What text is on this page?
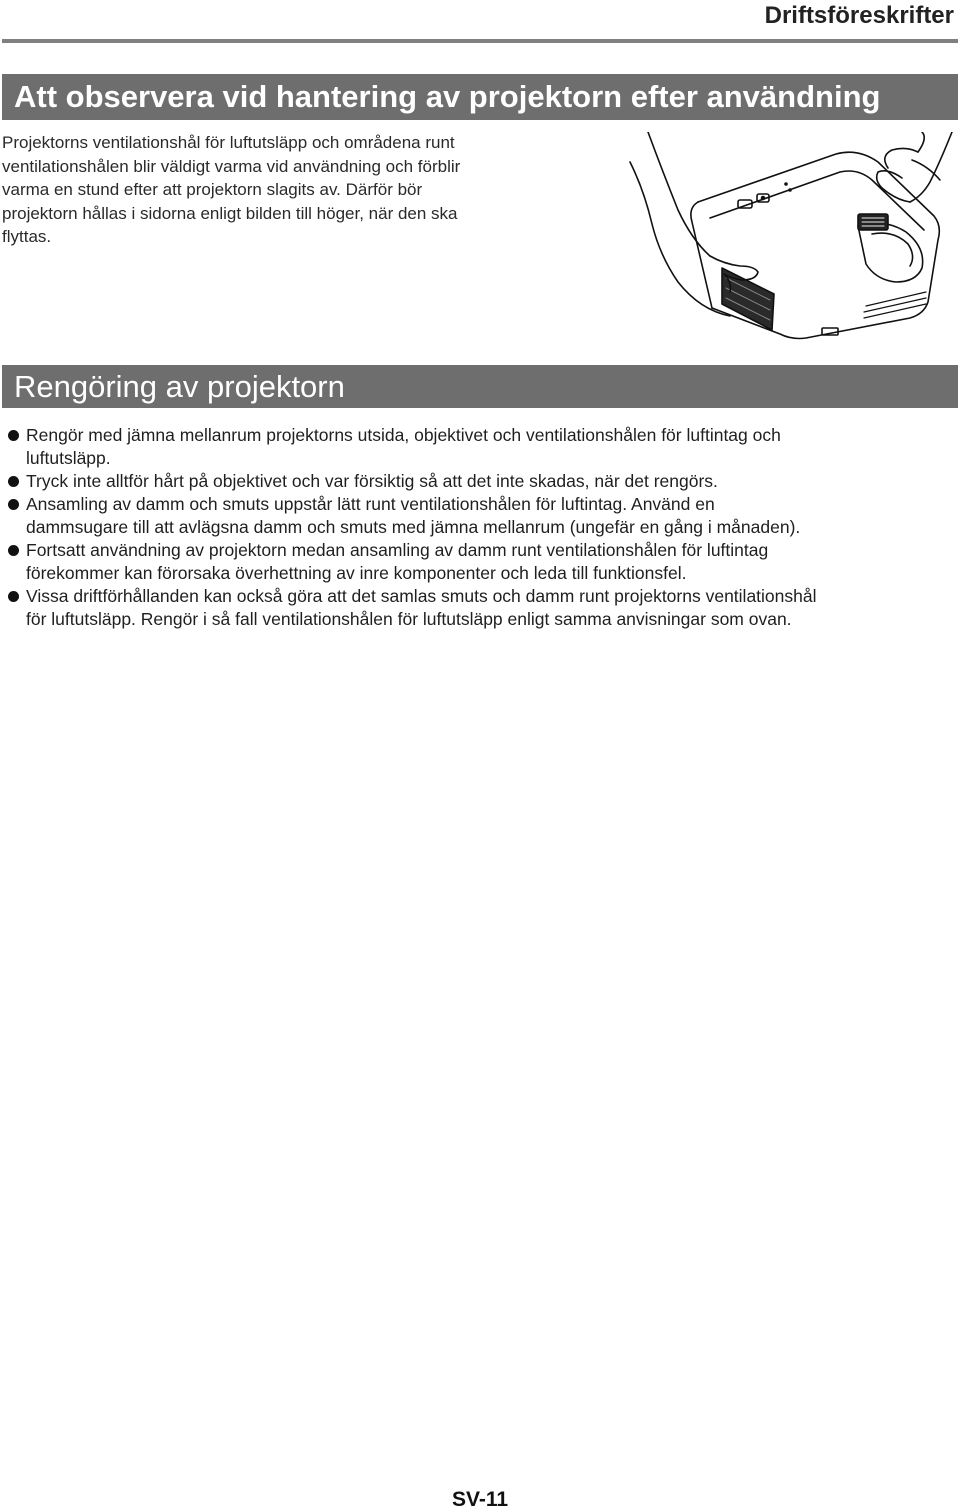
Driftsföreskrifter
Att observera vid hantering av projektorn efter användning
Projektorns ventilationshål för luftutsläpp och områdena runt
ventilationshålen blir väldigt varma vid användning och förblir
varma en stund efter att projektorn slagits av. Därför bör
projektorn hållas i sidorna enligt bilden till höger, när den ska
flyttas.
Rengöring av projektorn
Rengör med jämna mellanrum projektorns utsida, objektivet och ventilationshålen för luftintag och
luftutsläpp.
Tryck inte alltför hårt på objektivet och var försiktig så att det inte skadas, när det rengörs.
Ansamling av damm och smuts uppstår lätt runt ventilationshålen för luftintag. Använd en
dammsugare till att avlägsna damm och smuts med jämna mellanrum (ungefär en gång i månaden).
Fortsatt användning av projektorn medan ansamling av damm runt ventilationshålen för luftintag
förekommer kan förorsaka överhettning av inre komponenter och leda till funktionsfel.
Vissa driftförhållanden kan också göra att det samlas smuts och damm runt projektorns ventilationshål
för luftutsläpp. Rengör i så fall ventilationshålen för luftutsläpp enligt samma anvisningar som ovan.
SV-11
